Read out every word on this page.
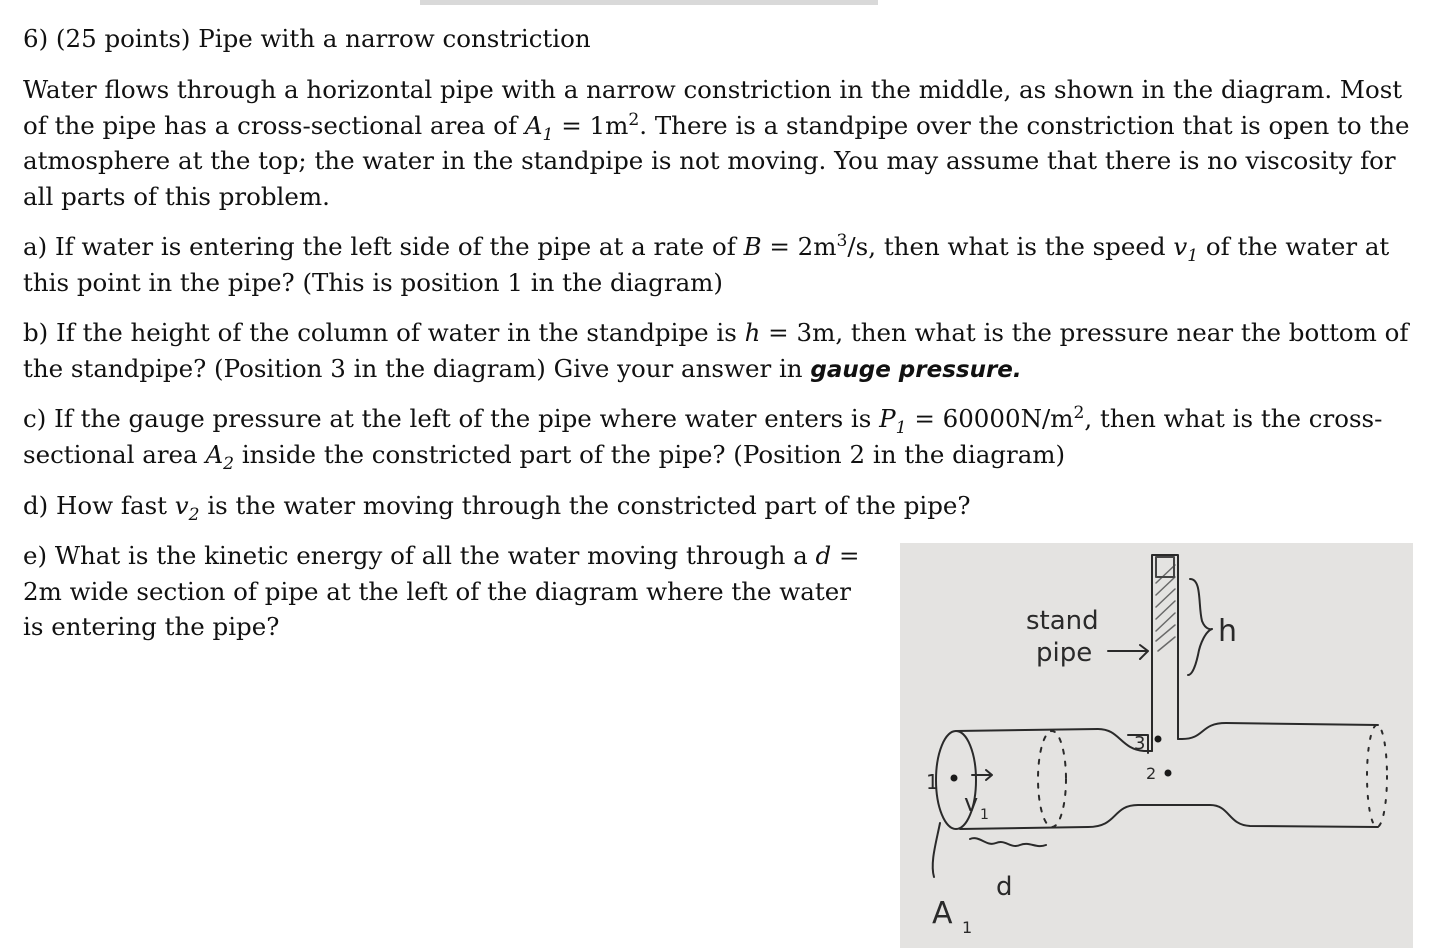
6) (25 points) Pipe with a narrow constriction

Water flows through a horizontal pipe with a narrow constriction in the middle, as shown in the diagram. Most of the pipe has a cross-sectional area of $A_1 = 1m^2$. There is a standpipe over the constriction that is open to the atmosphere at the top; the water in the standpipe is not moving. You may assume that there is no viscosity for all parts of this problem.

a) If water is entering the left side of the pipe at a rate of $B = 2m^3/s$, then what is the speed $v_1$ of the water at this point in the pipe? (This is position 1 in the diagram)

b) If the height of the column of water in the standpipe is h = 3m, then what is the pressure near the bottom of the standpipe? (Position 3 in the diagram) Give your answer in gauge pressure.

c) If the gauge pressure at the left of the pipe where water enters is $P_1 = 60000N/m^2$, then what is the cross-sectional area $A_2$ inside the constricted part of the pipe? (Position 2 in the diagram)

d) How fast $v_2$ is the water moving through the constricted part of the pipe?

e) What is the kinetic energy of all the water moving through a d =
2m wide section of pipe at the left of the diagram where the water
is entering the pipe?	stand
pipe
h
1	2
3
v 1
A 1
d
